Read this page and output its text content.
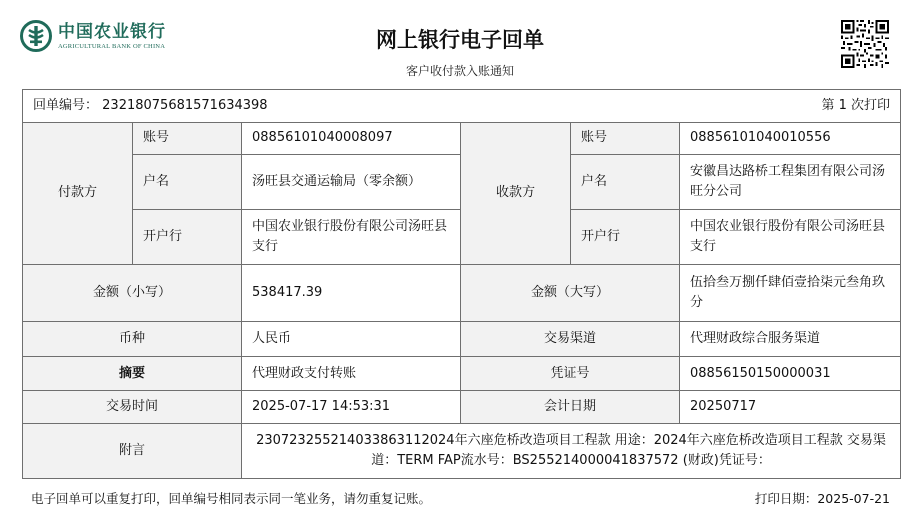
中国农业银行
AGRICULTURAL BANK OF CHINA	网上银行电子回单
客户收付款入账通知
回单编号： 23218075681571634398 第 1 次打印					

付款方	账号	08856101040008097	收款方	账号	08856101040010556
	户名	汤旺县交通运输局（零余额）		户名	安徽昌达路桥工程集团有限公司汤旺分公司
	开户行	中国农业银行股份有限公司汤旺县支行		开户行	中国农业银行股份有限公司汤旺县支行
金额（小写）		538417.39	金额（大写）		伍拾叁万捌仟肆佰壹拾柒元叁角玖分
币种		人民币	交易渠道		代理财政综合服务渠道
摘要		代理财政支付转账	凭证号		08856150150000031
交易时间		2025-07-17 14:53:31	会计日期		20250717
附言		2307232552140338631120​24年六座危桥改造项目工程款 用途：2024年六座危桥改造项目工程款 交易渠道：TERM FAP流水号：BS255214000041837572 (财政)凭证号：			
电子回单可以重复打印，回单编号相同表示同一笔业务，请勿重复记账。	打印日期：2025-07-21
